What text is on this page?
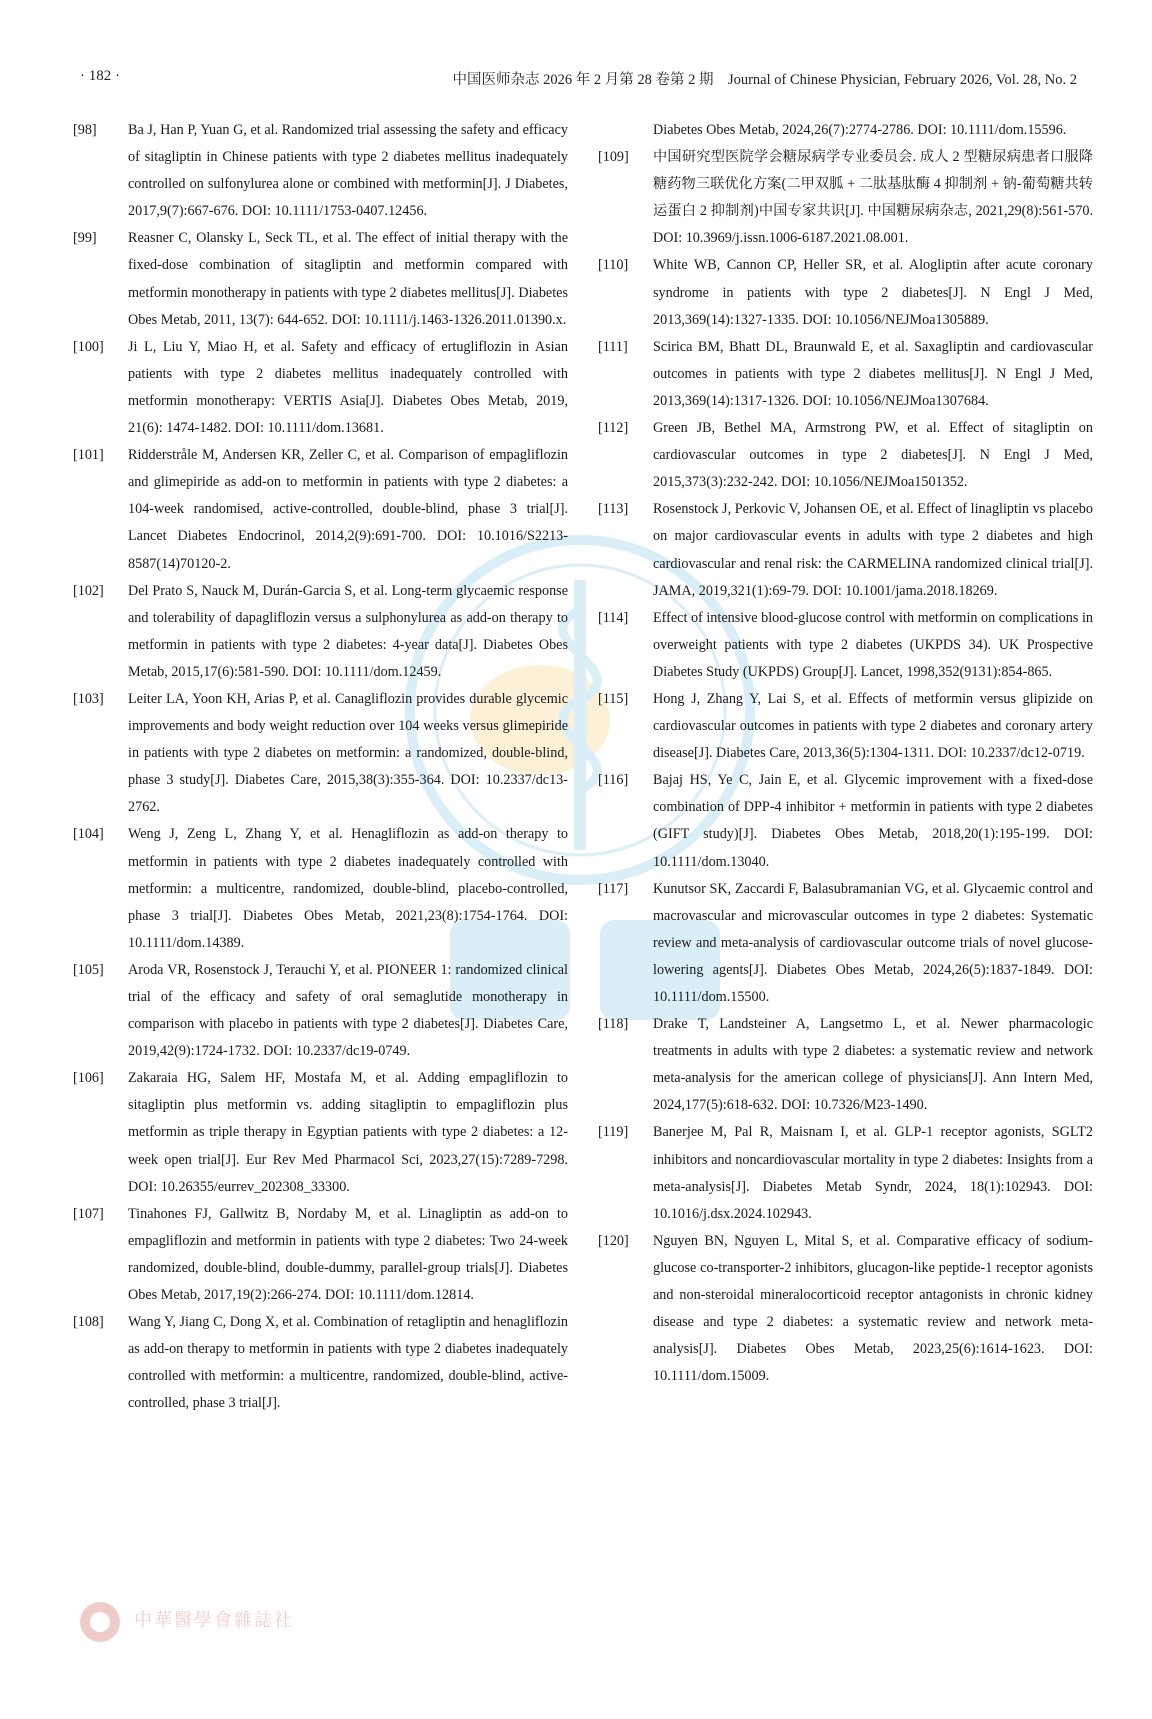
· 182 ·	中国医师杂志 2026 年 2 月第 28 卷第 2 期　Journal of Chinese Physician, February 2026, Vol. 28, No. 2

[98] Ba J, Han P, Yuan G, et al. Randomized trial assessing the safety and efficacy of sitagliptin in Chinese patients with type 2 diabetes mellitus inadequately controlled on sulfonylurea alone or combined with metformin[J]. J Diabetes, 2017,9(7):667-676. DOI: 10.1111/1753-0407.12456.

[99] Reasner C, Olansky L, Seck TL, et al. The effect of initial therapy with the fixed-dose combination of sitagliptin and metformin compared with metformin monotherapy in patients with type 2 diabetes mellitus[J]. Diabetes Obes Metab, 2011, 13(7): 644-652. DOI: 10.1111/j.1463-1326.2011.01390.x.

[100] Ji L, Liu Y, Miao H, et al. Safety and efficacy of ertugliflozin in Asian patients with type 2 diabetes mellitus inadequately controlled with metformin monotherapy: VERTIS Asia[J]. Diabetes Obes Metab, 2019, 21(6): 1474-1482. DOI: 10.1111/dom.13681.

[101] Ridderstråle M, Andersen KR, Zeller C, et al. Comparison of empagliflozin and glimepiride as add-on to metformin in patients with type 2 diabetes: a 104-week randomised, active-controlled, double-blind, phase 3 trial[J]. Lancet Diabetes Endocrinol, 2014,2(9):691-700. DOI: 10.1016/S2213-8587(14)70120-2.

[102] Del Prato S, Nauck M, Durán-Garcia S, et al. Long-term glycaemic response and tolerability of dapagliflozin versus a sulphonylurea as add-on therapy to metformin in patients with type 2 diabetes: 4-year data[J]. Diabetes Obes Metab, 2015,17(6):581-590. DOI: 10.1111/dom.12459.

[103] Leiter LA, Yoon KH, Arias P, et al. Canagliflozin provides durable glycemic improvements and body weight reduction over 104 weeks versus glimepiride in patients with type 2 diabetes on metformin: a randomized, double-blind, phase 3 study[J]. Diabetes Care, 2015,38(3):355-364. DOI: 10.2337/dc13-2762.

[104] Weng J, Zeng L, Zhang Y, et al. Henagliflozin as add-on therapy to metformin in patients with type 2 diabetes inadequately controlled with metformin: a multicentre, randomized, double-blind, placebo-controlled, phase 3 trial[J]. Diabetes Obes Metab, 2021,23(8):1754-1764. DOI: 10.1111/dom.14389.

[105] Aroda VR, Rosenstock J, Terauchi Y, et al. PIONEER 1: randomized clinical trial of the efficacy and safety of oral semaglutide monotherapy in comparison with placebo in patients with type 2 diabetes[J]. Diabetes Care, 2019,42(9):1724-1732. DOI: 10.2337/dc19-0749.

[106] Zakaraia HG, Salem HF, Mostafa M, et al. Adding empagliflozin to sitagliptin plus metformin vs. adding sitagliptin to empagliflozin plus metformin as triple therapy in Egyptian patients with type 2 diabetes: a 12-week open trial[J]. Eur Rev Med Pharmacol Sci, 2023,27(15):7289-7298. DOI: 10.26355/eurrev_202308_33300.

[107] Tinahones FJ, Gallwitz B, Nordaby M, et al. Linagliptin as add-on to empagliflozin and metformin in patients with type 2 diabetes: Two 24-week randomized, double-blind, double-dummy, parallel-group trials[J]. Diabetes Obes Metab, 2017,19(2):266-274. DOI: 10.1111/dom.12814.

[108] Wang Y, Jiang C, Dong X, et al. Combination of retagliptin and henagliflozin as add-on therapy to metformin in patients with type 2 diabetes inadequately controlled with metformin: a multicentre, randomized, double-blind, active-controlled, phase 3 trial[J].

Diabetes Obes Metab, 2024,26(7):2774-2786. DOI: 10.1111/dom.15596.

[109] 中国研究型医院学会糖尿病学专业委员会. 成人 2 型糖尿病患者口服降糖药物三联优化方案(二甲双胍 + 二肽基肽酶 4 抑制剂 + 钠-葡萄糖共转运蛋白 2 抑制剂)中国专家共识[J]. 中国糖尿病杂志, 2021,29(8):561-570. DOI: 10.3969/j.issn.1006-6187.2021.08.001.

[110] White WB, Cannon CP, Heller SR, et al. Alogliptin after acute coronary syndrome in patients with type 2 diabetes[J]. N Engl J Med, 2013,369(14):1327-1335. DOI: 10.1056/NEJMoa1305889.

[111] Scirica BM, Bhatt DL, Braunwald E, et al. Saxagliptin and cardiovascular outcomes in patients with type 2 diabetes mellitus[J]. N Engl J Med, 2013,369(14):1317-1326. DOI: 10.1056/NEJMoa1307684.

[112] Green JB, Bethel MA, Armstrong PW, et al. Effect of sitagliptin on cardiovascular outcomes in type 2 diabetes[J]. N Engl J Med, 2015,373(3):232-242. DOI: 10.1056/NEJMoa1501352.

[113] Rosenstock J, Perkovic V, Johansen OE, et al. Effect of linagliptin vs placebo on major cardiovascular events in adults with type 2 diabetes and high cardiovascular and renal risk: the CARMELINA randomized clinical trial[J]. JAMA, 2019,321(1):69-79. DOI: 10.1001/jama.2018.18269.

[114] Effect of intensive blood-glucose control with metformin on complications in overweight patients with type 2 diabetes (UKPDS 34). UK Prospective Diabetes Study (UKPDS) Group[J]. Lancet, 1998,352(9131):854-865.

[115] Hong J, Zhang Y, Lai S, et al. Effects of metformin versus glipizide on cardiovascular outcomes in patients with type 2 diabetes and coronary artery disease[J]. Diabetes Care, 2013,36(5):1304-1311. DOI: 10.2337/dc12-0719.

[116] Bajaj HS, Ye C, Jain E, et al. Glycemic improvement with a fixed-dose combination of DPP-4 inhibitor + metformin in patients with type 2 diabetes (GIFT study)[J]. Diabetes Obes Metab, 2018,20(1):195-199. DOI: 10.1111/dom.13040.

[117] Kunutsor SK, Zaccardi F, Balasubramanian VG, et al. Glycaemic control and macrovascular and microvascular outcomes in type 2 diabetes: Systematic review and meta-analysis of cardiovascular outcome trials of novel glucose-lowering agents[J]. Diabetes Obes Metab, 2024,26(5):1837-1849. DOI: 10.1111/dom.15500.

[118] Drake T, Landsteiner A, Langsetmo L, et al. Newer pharmacologic treatments in adults with type 2 diabetes: a systematic review and network meta-analysis for the american college of physicians[J]. Ann Intern Med, 2024,177(5):618-632. DOI: 10.7326/M23-1490.

[119] Banerjee M, Pal R, Maisnam I, et al. GLP-1 receptor agonists, SGLT2 inhibitors and noncardiovascular mortality in type 2 diabetes: Insights from a meta-analysis[J]. Diabetes Metab Syndr, 2024, 18(1):102943. DOI: 10.1016/j.dsx.2024.102943.

[120] Nguyen BN, Nguyen L, Mital S, et al. Comparative efficacy of sodium-glucose co-transporter-2 inhibitors, glucagon-like peptide-1 receptor agonists and non-steroidal mineralocorticoid receptor antagonists in chronic kidney disease and type 2 diabetes: a systematic review and network meta-analysis[J]. Diabetes Obes Metab, 2023,25(6):1614-1623. DOI: 10.1111/dom.15009.

中華醫學會雜誌社
